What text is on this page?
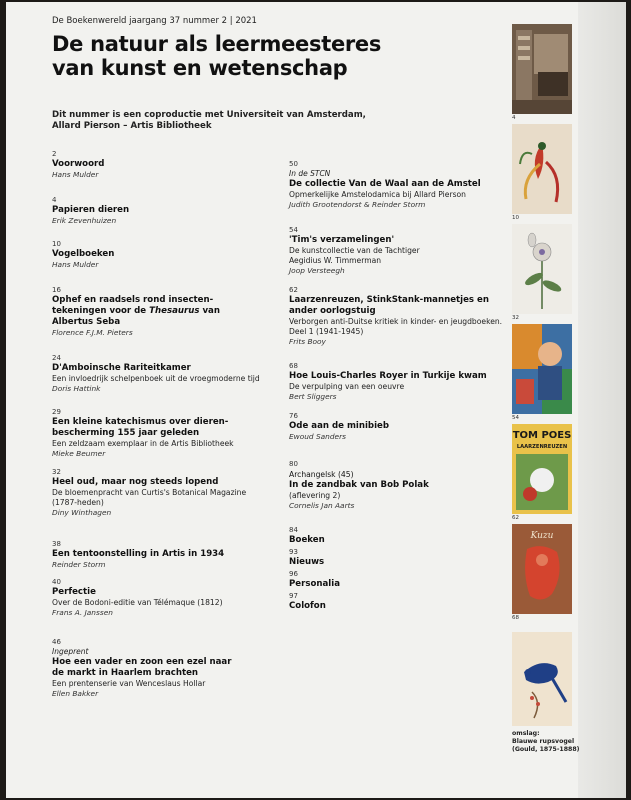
De Boekenwereld jaargang 37 nummer 2 | 2021
De natuur als leermeesteres
van kunst en wetenschap
Dit nummer is een coproductie met Universiteit van Amsterdam,
Allard Pierson – Artis Bibliotheek
2
Voorwoord
Hans Mulder
4
Papieren dieren
Erik Zevenhuizen
10
Vogelboeken
Hans Mulder
16
Ophef en raadsels rond insecten-
tekeningen voor de Thesaurus van
Albertus Seba
Florence F.J.M. Pieters
24
D'Amboinsche Rariteitkamer
Een invloedrijk schelpenboek uit de vroegmoderne tijd
Doris Hattink
29
Een kleine katechismus over dieren-
bescherming 155 jaar geleden
Een zeldzaam exemplaar in de Artis Bibliotheek
Mieke Beumer
32
Heel oud, maar nog steeds lopend
De bloemenpracht van Curtis's Botanical Magazine
(1787-heden)
Diny Winthagen
38
Een tentoonstelling in Artis in 1934
Reinder Storm
40
Perfectie
Over de Bodoni-editie van Télémaque (1812)
Frans A. Janssen
46
Ingeprent
Hoe een vader en zoon een ezel naar
de markt in Haarlem brachten
Een prentenserie van Wenceslaus Hollar
Ellen Bakker
50
In de STCN
De collectie Van de Waal aan de Amstel
Opmerkelijke Amstelodamica bij Allard Pierson
Judith Grootendorst & Reinder Storm
54
'Tim's verzamelingen'
De kunstcollectie van de Tachtiger
Aegidius W. Timmerman
Joop Versteegh
62
Laarzenreuzen, StinkStank-mannetjes en
ander oorlogstuig
Verborgen anti-Duitse kritiek in kinder- en jeugdboeken.
Deel 1 (1941-1945)
Frits Booy
68
Hoe Louis-Charles Royer in Turkije kwam
De verpulping van een oeuvre
Bert Sliggers
76
Ode aan de minibieb
Ewoud Sanders
80
Archangelsk (45)
In de zandbak van Bob Polak
(aflevering 2)
Cornelis Jan Aarts
84
Boeken
93
Nieuws
96
Personalia
97
Colofon
4
10
32
54
TOM POES
LAARZENREUZEN
62
Kuzu
68
omslag:
Blauwe rupsvogel
(Gould, 1875-1888)
